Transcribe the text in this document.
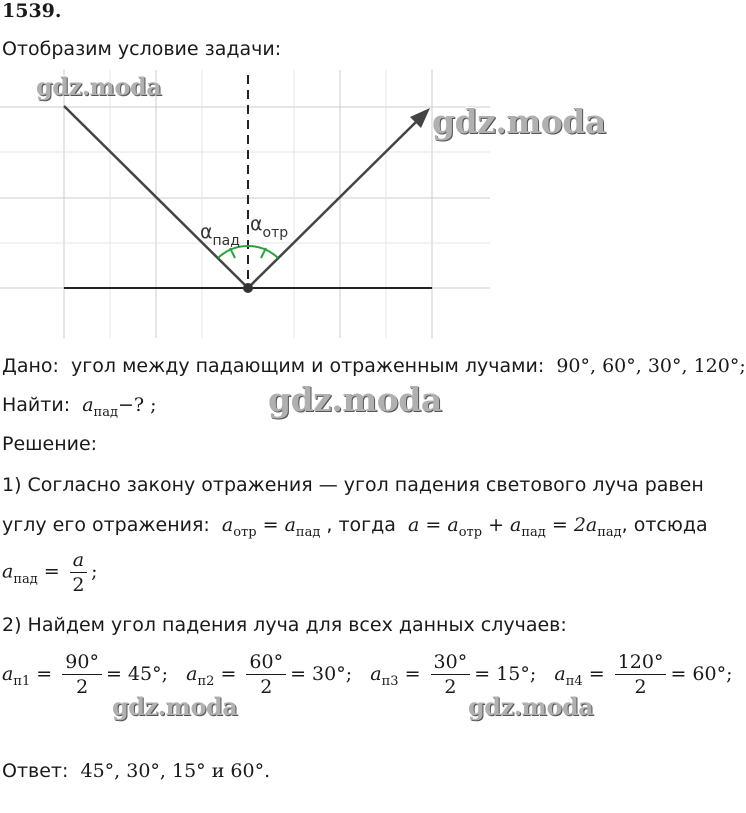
1539.
Отобразим условие задачи:
$\alpha_{пад}$
$\alpha_{отр}$
gdz.moda
gdz.moda
gdz.moda
gdz.moda	gdz.moda
Дано: угол между падающим и отраженным лучами: 90°, 60°, 30°, 120°;
Найти: $a_{пад}-$? ;
Решение:
1) Согласно закону отражения — угол падения светового луча равен
углу его отражения: $a_{отр} = a_{пад}$ , тогда $a = a_{отр} + a_{пад} = 2a_{пад}$, отсюда
$a_{пад} = \frac{a}{2}$ ;
2) Найдем угол падения луча для всех данных случаев:
$a_{п1} = \frac{90^\circ}{2} = 45^\circ$; $a_{п2} = \frac{60^\circ}{2} = 30^\circ$; $a_{п3} = \frac{30^\circ}{2} = 15^\circ$; $a_{п4} = \frac{120^\circ}{2} = 60^\circ$;
Ответ: 45°, 30°, 15° и 60°.
